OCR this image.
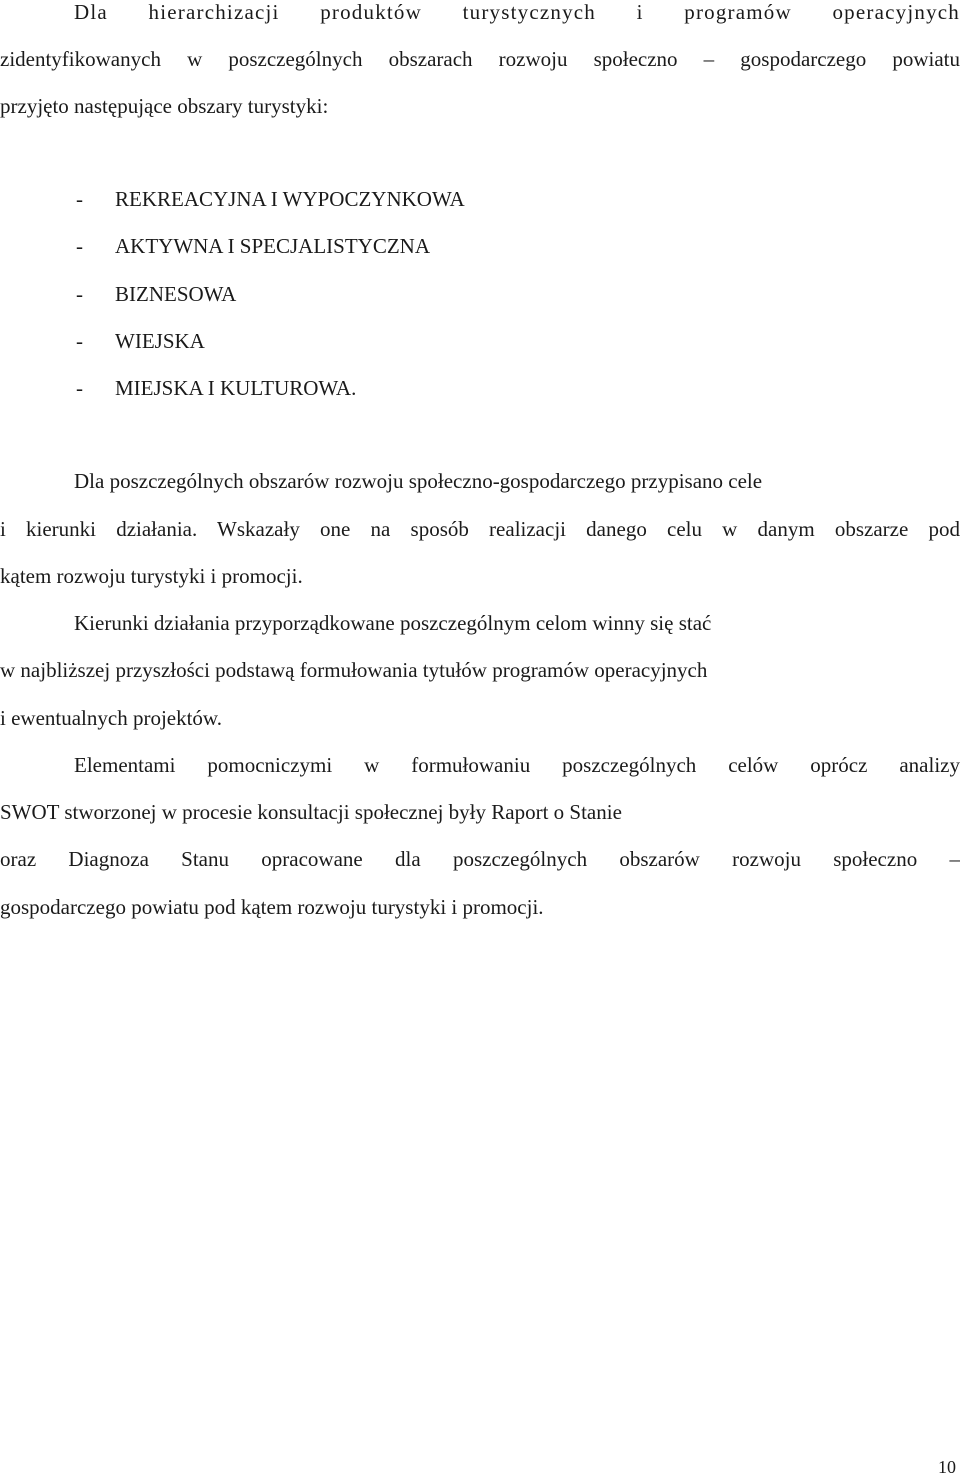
Dla hierarchizacji produktów turystycznych i programów operacyjnych
zidentyfikowanych w poszczególnych obszarach rozwoju społeczno – gospodarczego powiatu
przyjęto następujące obszary turystyki:
-	REKREACYJNA I WYPOCZYNKOWA
-	AKTYWNA I SPECJALISTYCZNA
-	BIZNESOWA
-	WIEJSKA
-	MIEJSKA I KULTUROWA.
Dla poszczególnych obszarów rozwoju społeczno-gospodarczego przypisano cele
i kierunki działania. Wskazały one na sposób realizacji danego celu w danym obszarze pod
kątem rozwoju turystyki i promocji.
Kierunki działania przyporządkowane poszczególnym celom winny się stać
w najbliższej przyszłości podstawą formułowania tytułów programów operacyjnych
i ewentualnych projektów.
Elementami pomocniczymi w formułowaniu poszczególnych celów oprócz analizy
SWOT stworzonej w procesie konsultacji społecznej były Raport o Stanie
oraz Diagnoza Stanu opracowane dla poszczególnych obszarów rozwoju społeczno –
gospodarczego powiatu pod kątem rozwoju turystyki i promocji.
10
